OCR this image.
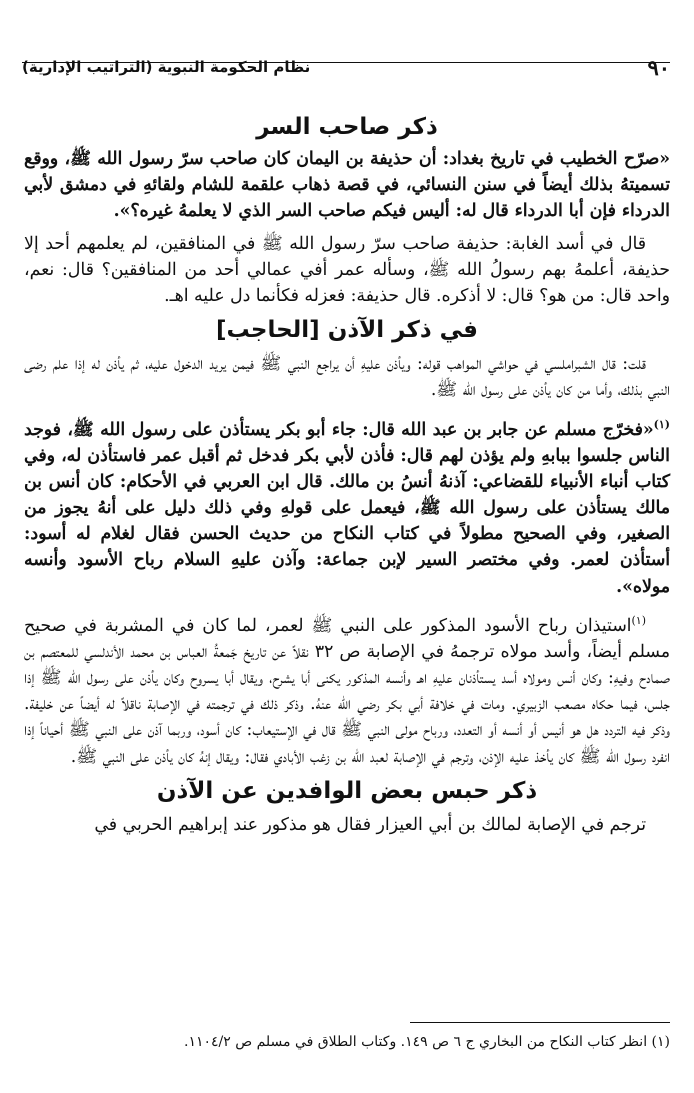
٩٠
نظام الحكومة النبوية (التراتيب الإدارية)
ذكر صاحب السر

«صرّح الخطيب في تاريخ بغداد: أن حذيفة بن اليمان كان صاحب سرّ رسول الله ﷺ، ووقع تسميتهُ بذلك أيضاً في سنن النسائي، في قصة ذهاب علقمة للشام ولقائهِ في دمشق لأبي الدرداء فإن أبا الدرداء قال له: أليس فيكم صاحب السر الذي لا يعلمهُ غيره؟».

قال في أسد الغابة: حذيفة صاحب سرّ رسول الله ﷺ في المنافقين، لم يعلمهم أحد إلا حذيفة، أعلمهُ بهم رسولُ الله ﷺ، وسأله عمر أفي عمالي أحد من المنافقين؟ قال: نعم، واحد قال: من هو؟ قال: لا أذكره. قال حذيفة: فعزله فكأنما دل عليه اهـ.

في ذكر الآذن [الحاجب]

قلت: قال الشبراملسي في حواشي المواهب قوله: ويأذن عليهِ أن يراجع النبي ﷺ فيمن يريد الدخول عليه، ثم يأذن له إذا علم رضى النبي بذلك، وأما من كان يأذن على رسول الله ﷺ.

$^{(١)}$«فخرّج مسلم عن جابر بن عبد الله قال: جاء أبو بكر يستأذن على رسول الله ﷺ، فوجد الناس جلسوا ببابهِ ولم يؤذن لهم قال: فأذن لأبي بكر فدخل ثم أقبل عمر فاستأذن له، وفي كتاب أنباء الأنبياء للقضاعي: آذنهُ أنسُ بن مالك. قال ابن العربي في الأحكام: كان أنس بن مالك يستأذن على رسول الله ﷺ، فيعمل على قولهِ وفي ذلك دليل على أنهُ يجوز من الصغير، وفي الصحيح مطولاً في كتاب النكاح من حديث الحسن فقال لغلام له أسود: أستأذن لعمر. وفي مختصر السير لإبن جماعة: وآذن عليهِ السلام رباح الأسود وأنسه مولاه».

$^{(١)}$استيذان رباح الأسود المذكور على النبي ﷺ لعمر، لما كان في المشربة في صحيح مسلم أيضاً، وأسد مولاه ترجمهُ في الإصابة ص ٣٢ نقلاً عن تاريخ جَمعةُ العباس بن محمد الأندلسي للمعتصم بن صمادح وفيهِ: وكان أنس ومولاه أسد يستأذنان عليهِ اهـ وأنسه المذكور يكنى أبا يشرح، ويقال أبا يسروح وكان يأذن على رسول الله ﷺ إذا جلس، فيما حكاه مصعب الزبيري. ومات في خلافة أبي بكر رضي الله عنهُ. وذكر ذلك في ترجمته في الإصابة ناقلاً له أيضاً عن خليفة. وذكر فيه التردد هل هو أنيس أو أنسه أو التعدد، ورباح مولى النبي ﷺ قال في الإستيعاب: كان أسود، وربما آذن على النبي ﷺ أحياناً إذا انفرد رسول الله ﷺ كان يأخذ عليه الإذن، وترجم في الإصابة لعبد الله بن زغب الأبادي فقال: ويقال إنهُ كان يأذن على النبي ﷺ.

ذكر حبس بعض الوافدين عن الآذن

ترجم في الإصابة لمالك بن أبي العيزار فقال هو مذكور عند إبراهيم الحربي في

(١) انظر كتاب النكاح من البخاري ج ٦ ص ١٤٩. وكتاب الطلاق في مسلم ص ١١٠٤/٢.
